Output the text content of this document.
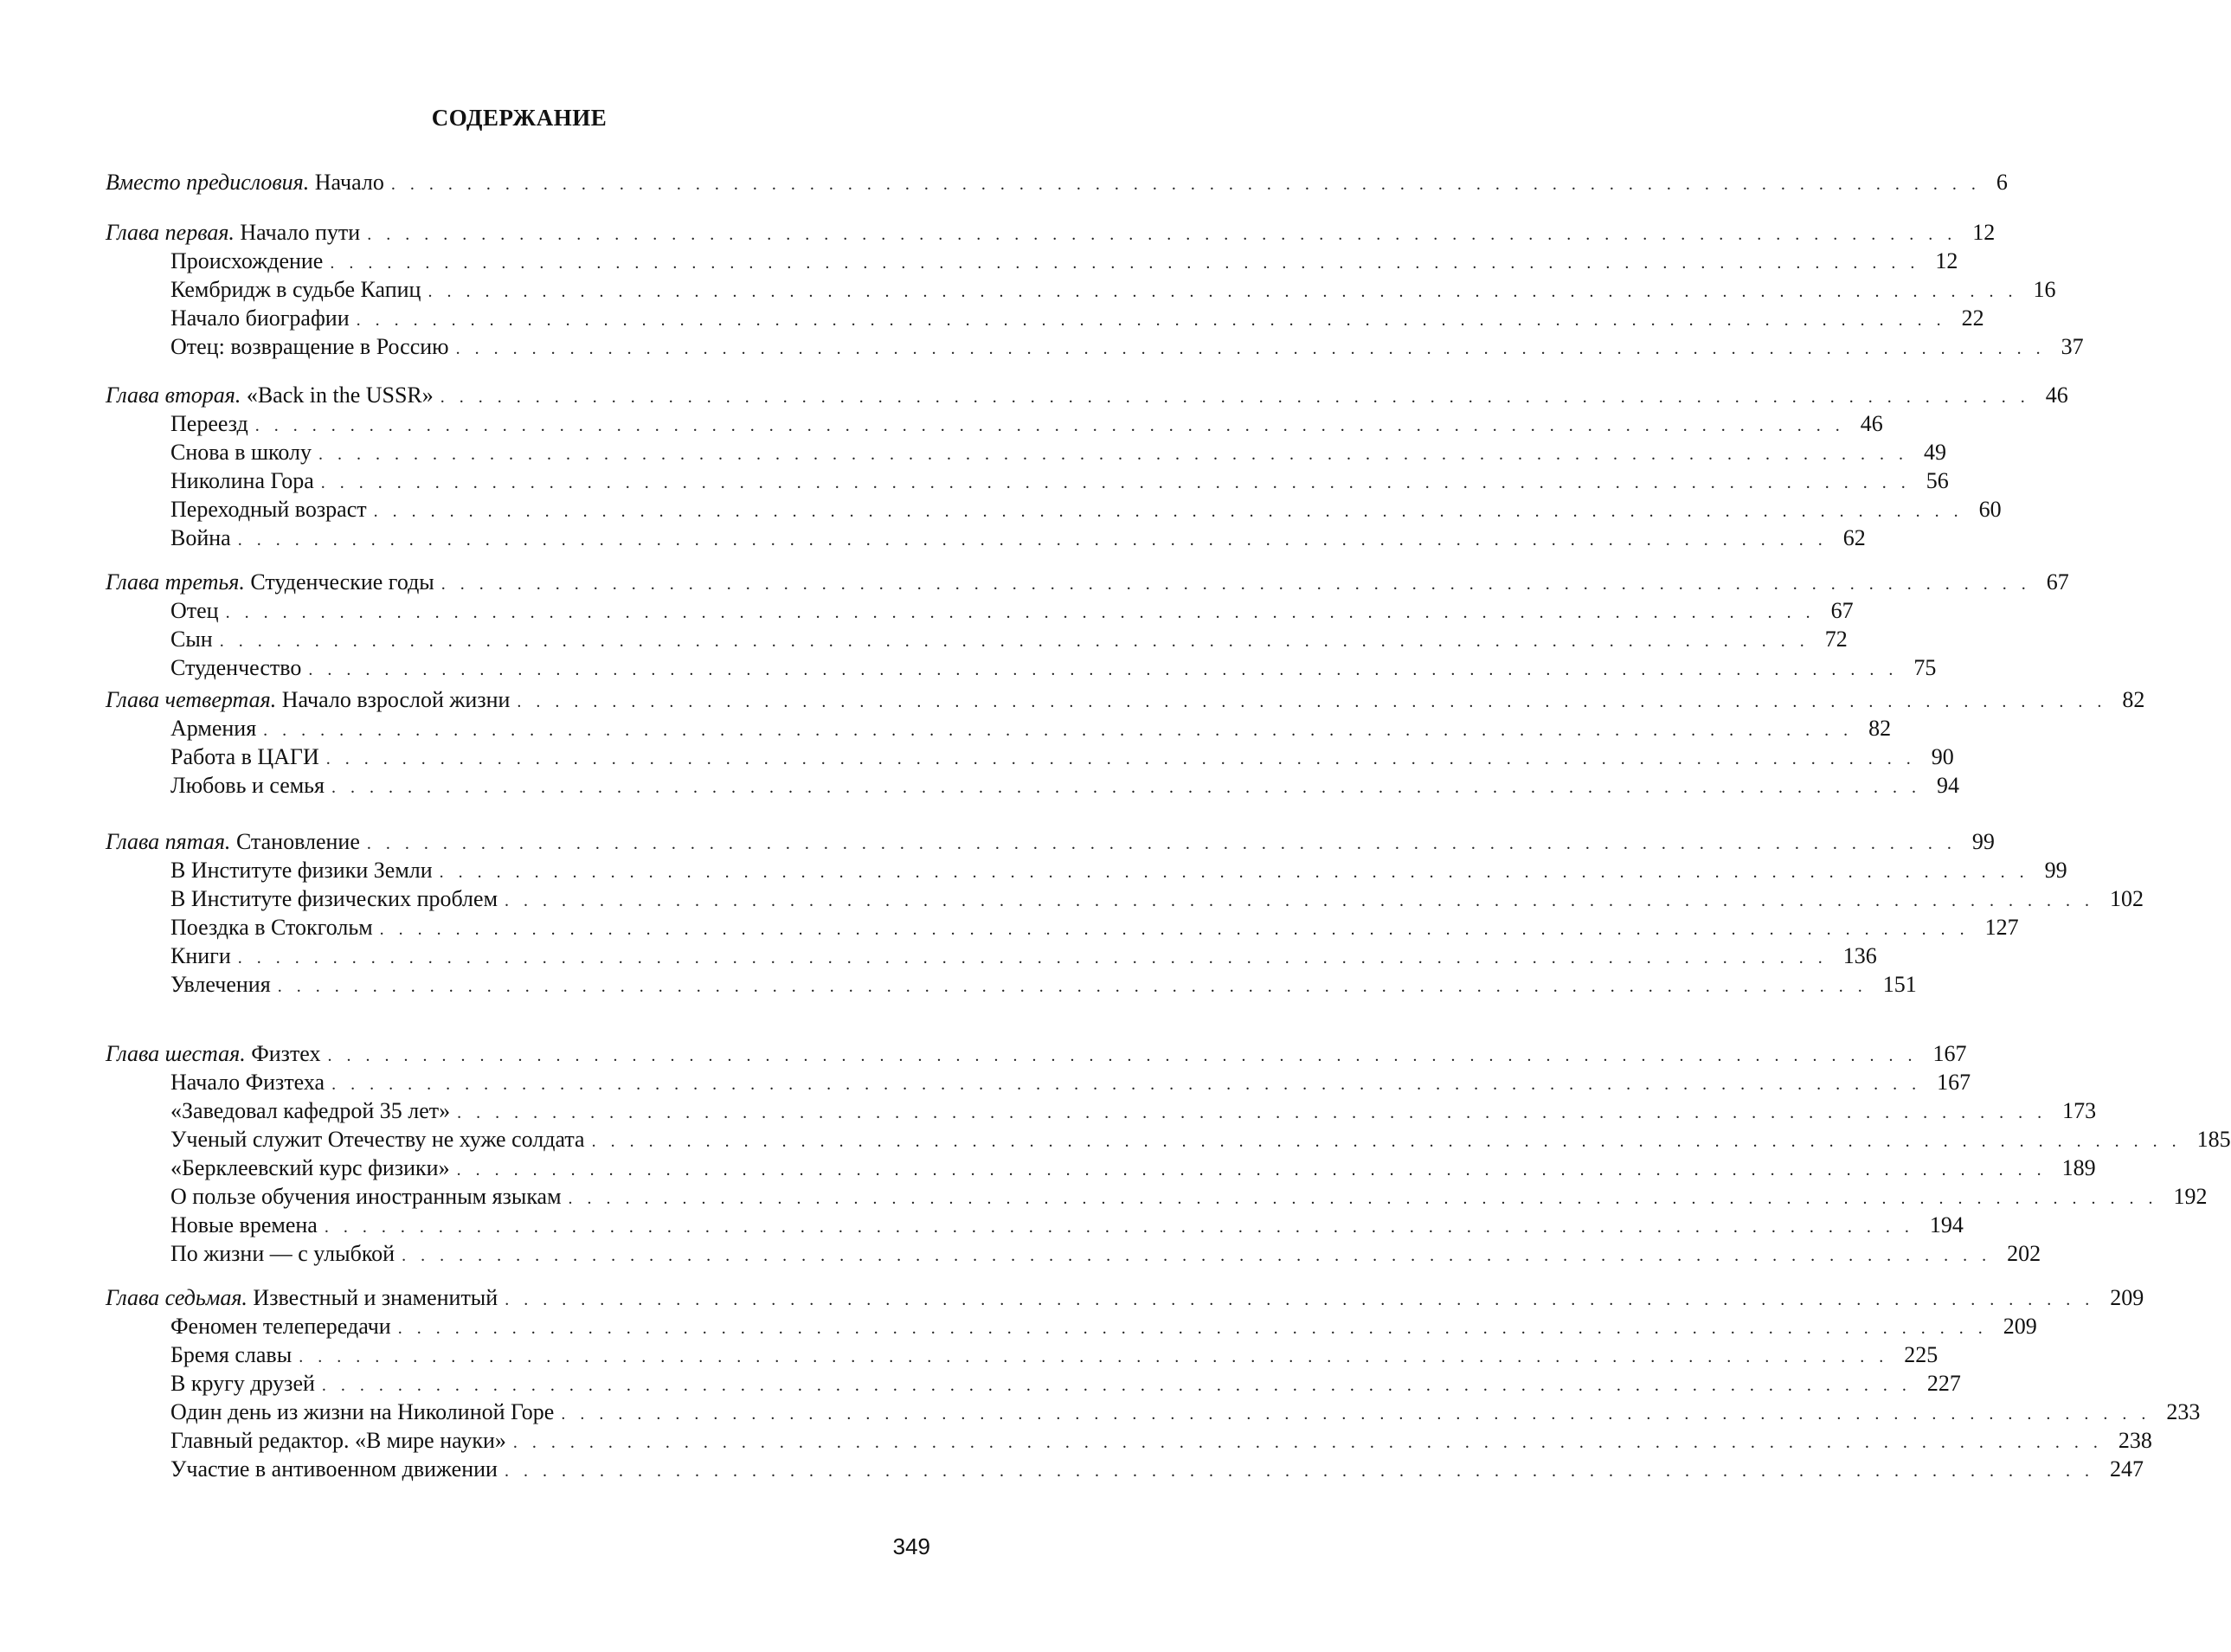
СОДЕРЖАНИЕ
Вместо предисловия. Начало . . . . . . . . . . . . . . . . . . . . . . . . . . . . . . . . . . . . . . . . . . . . . . . . . . . . . . . . . . . . . . . . . . . . . . . . . . . . . . . . . . . . 6
Глава первая. Начало пути . . . . . . . . . . . . . . . . . . . . . . . . . . . . . . . . . . . . . . . . . . . . . . . . . . . . . . . . . . . . . . . . . . . . . . . . . . . . . . . . . . . . 12
Происхождение . . . . . . . . . . . . . . . . . . . . . . . . . . . . . . . . . . . . . . . . . . . . . . . . . . . . . . . . . . . . . . . . . . . . . . . . . . . . . . . . . . . . 12
Кембридж в судьбе Капиц . . . . . . . . . . . . . . . . . . . . . . . . . . . . . . . . . . . . . . . . . . . . . . . . . . . . . . . . . . . . . . . . . . . . . . . . . . . . . . . . . . . . 16
Начало биографии . . . . . . . . . . . . . . . . . . . . . . . . . . . . . . . . . . . . . . . . . . . . . . . . . . . . . . . . . . . . . . . . . . . . . . . . . . . . . . . . . . . . 22
Отец: возвращение в Россию . . . . . . . . . . . . . . . . . . . . . . . . . . . . . . . . . . . . . . . . . . . . . . . . . . . . . . . . . . . . . . . . . . . . . . . . . . . . . . . . . . . . 37
Глава вторая. «Back in the USSR» . . . . . . . . . . . . . . . . . . . . . . . . . . . . . . . . . . . . . . . . . . . . . . . . . . . . . . . . . . . . . . . . . . . . . . . . . . . . . . . . . . . . 46
Переезд . . . . . . . . . . . . . . . . . . . . . . . . . . . . . . . . . . . . . . . . . . . . . . . . . . . . . . . . . . . . . . . . . . . . . . . . . . . . . . . . . . . . 46
Снова в школу . . . . . . . . . . . . . . . . . . . . . . . . . . . . . . . . . . . . . . . . . . . . . . . . . . . . . . . . . . . . . . . . . . . . . . . . . . . . . . . . . . . . 49
Николина Гора . . . . . . . . . . . . . . . . . . . . . . . . . . . . . . . . . . . . . . . . . . . . . . . . . . . . . . . . . . . . . . . . . . . . . . . . . . . . . . . . . . . . 56
Переходный возраст . . . . . . . . . . . . . . . . . . . . . . . . . . . . . . . . . . . . . . . . . . . . . . . . . . . . . . . . . . . . . . . . . . . . . . . . . . . . . . . . . . . . 60
Война . . . . . . . . . . . . . . . . . . . . . . . . . . . . . . . . . . . . . . . . . . . . . . . . . . . . . . . . . . . . . . . . . . . . . . . . . . . . . . . . . . . . 62
Глава третья. Студенческие годы . . . . . . . . . . . . . . . . . . . . . . . . . . . . . . . . . . . . . . . . . . . . . . . . . . . . . . . . . . . . . . . . . . . . . . . . . . . . . . . . . . . . 67
Отец . . . . . . . . . . . . . . . . . . . . . . . . . . . . . . . . . . . . . . . . . . . . . . . . . . . . . . . . . . . . . . . . . . . . . . . . . . . . . . . . . . . . 67
Сын . . . . . . . . . . . . . . . . . . . . . . . . . . . . . . . . . . . . . . . . . . . . . . . . . . . . . . . . . . . . . . . . . . . . . . . . . . . . . . . . . . . . 72
Студенчество . . . . . . . . . . . . . . . . . . . . . . . . . . . . . . . . . . . . . . . . . . . . . . . . . . . . . . . . . . . . . . . . . . . . . . . . . . . . . . . . . . . . 75
Глава четвертая. Начало взрослой жизни . . . . . . . . . . . . . . . . . . . . . . . . . . . . . . . . . . . . . . . . . . . . . . . . . . . . . . . . . . . . . . . . . . . . . . . . . . . . . . . . . . . . 82
Армения . . . . . . . . . . . . . . . . . . . . . . . . . . . . . . . . . . . . . . . . . . . . . . . . . . . . . . . . . . . . . . . . . . . . . . . . . . . . . . . . . . . . 82
Работа в ЦАГИ . . . . . . . . . . . . . . . . . . . . . . . . . . . . . . . . . . . . . . . . . . . . . . . . . . . . . . . . . . . . . . . . . . . . . . . . . . . . . . . . . . . . 90
Любовь и семья . . . . . . . . . . . . . . . . . . . . . . . . . . . . . . . . . . . . . . . . . . . . . . . . . . . . . . . . . . . . . . . . . . . . . . . . . . . . . . . . . . . . 94
Глава пятая. Становление . . . . . . . . . . . . . . . . . . . . . . . . . . . . . . . . . . . . . . . . . . . . . . . . . . . . . . . . . . . . . . . . . . . . . . . . . . . . . . . . . . . . 99
В Институте физики Земли . . . . . . . . . . . . . . . . . . . . . . . . . . . . . . . . . . . . . . . . . . . . . . . . . . . . . . . . . . . . . . . . . . . . . . . . . . . . . . . . . . . . 99
В Институте физических проблем . . . . . . . . . . . . . . . . . . . . . . . . . . . . . . . . . . . . . . . . . . . . . . . . . . . . . . . . . . . . . . . . . . . . . . . . . . . . . . . . . . . . 102
Поездка в Стокгольм . . . . . . . . . . . . . . . . . . . . . . . . . . . . . . . . . . . . . . . . . . . . . . . . . . . . . . . . . . . . . . . . . . . . . . . . . . . . . . . . . . . . 127
Книги . . . . . . . . . . . . . . . . . . . . . . . . . . . . . . . . . . . . . . . . . . . . . . . . . . . . . . . . . . . . . . . . . . . . . . . . . . . . . . . . . . . . 136
Увлечения . . . . . . . . . . . . . . . . . . . . . . . . . . . . . . . . . . . . . . . . . . . . . . . . . . . . . . . . . . . . . . . . . . . . . . . . . . . . . . . . . . . . 151
Глава шестая. Физтех . . . . . . . . . . . . . . . . . . . . . . . . . . . . . . . . . . . . . . . . . . . . . . . . . . . . . . . . . . . . . . . . . . . . . . . . . . . . . . . . . . . . 167
Начало Физтеха . . . . . . . . . . . . . . . . . . . . . . . . . . . . . . . . . . . . . . . . . . . . . . . . . . . . . . . . . . . . . . . . . . . . . . . . . . . . . . . . . . . . 167
«Заведовал кафедрой 35 лет» . . . . . . . . . . . . . . . . . . . . . . . . . . . . . . . . . . . . . . . . . . . . . . . . . . . . . . . . . . . . . . . . . . . . . . . . . . . . . . . . . . . . 173
Ученый служит Отечеству не хуже солдата . . . . . . . . . . . . . . . . . . . . . . . . . . . . . . . . . . . . . . . . . . . . . . . . . . . . . . . . . . . . . . . . . . . . . . . . . . . . . . . . . . . . 185
«Берклеевский курс физики» . . . . . . . . . . . . . . . . . . . . . . . . . . . . . . . . . . . . . . . . . . . . . . . . . . . . . . . . . . . . . . . . . . . . . . . . . . . . . . . . . . . . 189
О пользе обучения иностранным языкам . . . . . . . . . . . . . . . . . . . . . . . . . . . . . . . . . . . . . . . . . . . . . . . . . . . . . . . . . . . . . . . . . . . . . . . . . . . . . . . . . . . . 192
Новые времена . . . . . . . . . . . . . . . . . . . . . . . . . . . . . . . . . . . . . . . . . . . . . . . . . . . . . . . . . . . . . . . . . . . . . . . . . . . . . . . . . . . . 194
По жизни — с улыбкой . . . . . . . . . . . . . . . . . . . . . . . . . . . . . . . . . . . . . . . . . . . . . . . . . . . . . . . . . . . . . . . . . . . . . . . . . . . . . . . . . . . . 202
Глава седьмая. Известный и знаменитый . . . . . . . . . . . . . . . . . . . . . . . . . . . . . . . . . . . . . . . . . . . . . . . . . . . . . . . . . . . . . . . . . . . . . . . . . . . . . . . . . . . . 209
Феномен телепередачи . . . . . . . . . . . . . . . . . . . . . . . . . . . . . . . . . . . . . . . . . . . . . . . . . . . . . . . . . . . . . . . . . . . . . . . . . . . . . . . . . . . . 209
Бремя славы . . . . . . . . . . . . . . . . . . . . . . . . . . . . . . . . . . . . . . . . . . . . . . . . . . . . . . . . . . . . . . . . . . . . . . . . . . . . . . . . . . . . 225
В кругу друзей . . . . . . . . . . . . . . . . . . . . . . . . . . . . . . . . . . . . . . . . . . . . . . . . . . . . . . . . . . . . . . . . . . . . . . . . . . . . . . . . . . . . 227
Один день из жизни на Николиной Горе . . . . . . . . . . . . . . . . . . . . . . . . . . . . . . . . . . . . . . . . . . . . . . . . . . . . . . . . . . . . . . . . . . . . . . . . . . . . . . . . . . . . 233
Главный редактор. «В мире науки» . . . . . . . . . . . . . . . . . . . . . . . . . . . . . . . . . . . . . . . . . . . . . . . . . . . . . . . . . . . . . . . . . . . . . . . . . . . . . . . . . . . . 238
Участие в антивоенном движении . . . . . . . . . . . . . . . . . . . . . . . . . . . . . . . . . . . . . . . . . . . . . . . . . . . . . . . . . . . . . . . . . . . . . . . . . . . . . . . . . . . . 247
349
